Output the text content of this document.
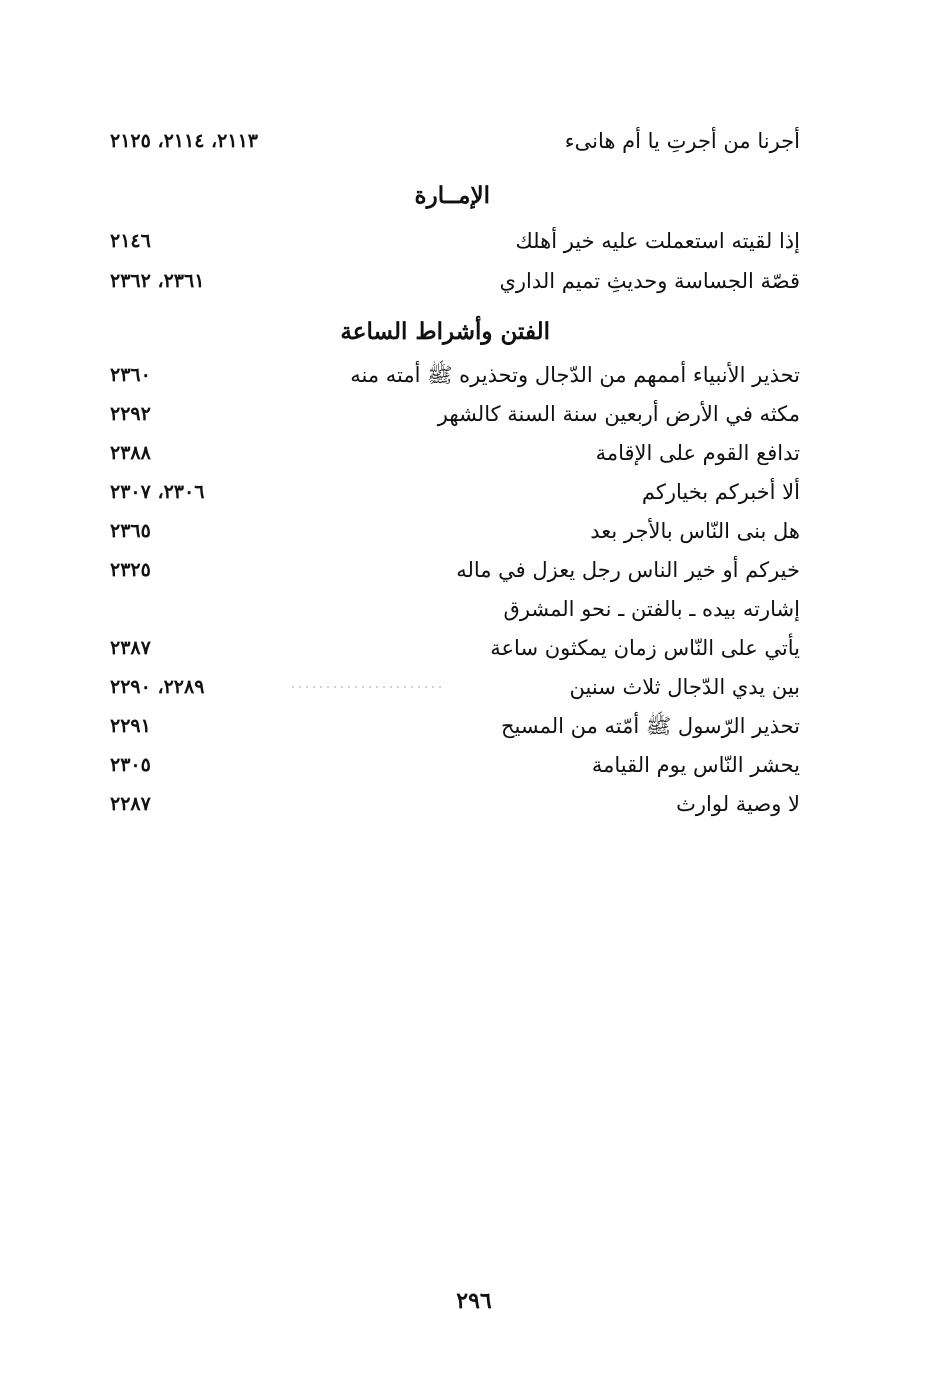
أجرنا من أجرتِ يا أم هانىء
٢١١٣، ٢١١٤، ٢١٢٥
الإمــارة
إذا لقيته استعملت عليه خير أهلك
٢١٤٦
قصّة الجساسة وحديثِ تميم الداري
٢٣٦١، ٢٣٦٢
الفتن وأشراط الساعة
تحذير الأنبياء أممهم من الدّجال وتحذيره ﷺ أمته منه
٢٣٦٠
مكثه في الأرض أربعين سنة السنة كالشهر
٢٢٩٢
تدافع القوم على الإقامة
٢٣٨٨
ألا أخبركم بخياركم
٢٣٠٦، ٢٣٠٧
هل بنى النّاس بالأجر بعد
٢٣٦٥
خيركم أو خير الناس رجل يعزل في ماله
٢٣٢٥
إشارته بيده ـ بالفتن ـ نحو المشرق
يأتي على النّاس زمان يمكثون ساعة
٢٣٨٧
بين يدي الدّجال ثلاث سنين
٢٢٨٩، ٢٢٩٠
تحذير الرّسول ﷺ أمّته من المسيح
٢٢٩١
يحشر النّاس يوم القيامة
٢٣٠٥
لا وصية لوارث
٢٢٨٧
٢٩٦
